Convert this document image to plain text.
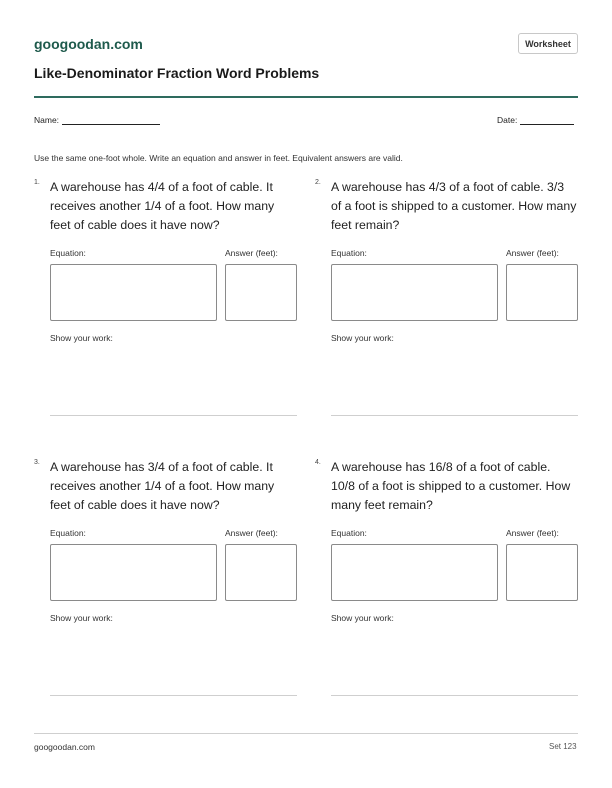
googoodan.com	Worksheet
Like-Denominator Fraction Word Problems
Name:	Date:
Use the same one-foot whole. Write an equation and answer in feet. Equivalent answers are valid.
1. A warehouse has 4/4 of a foot of cable. It receives another 1/4 of a foot. How many feet of cable does it have now?
Equation:	Answer (feet):
Show your work:
2. A warehouse has 4/3 of a foot of cable. 3/3 of a foot is shipped to a customer. How many feet remain?
Equation:	Answer (feet):
Show your work:
3. A warehouse has 3/4 of a foot of cable. It receives another 1/4 of a foot. How many feet of cable does it have now?
Equation:	Answer (feet):
Show your work:
4. A warehouse has 16/8 of a foot of cable. 10/8 of a foot is shipped to a customer. How many feet remain?
Equation:	Answer (feet):
Show your work:
googoodan.com	Set 123
